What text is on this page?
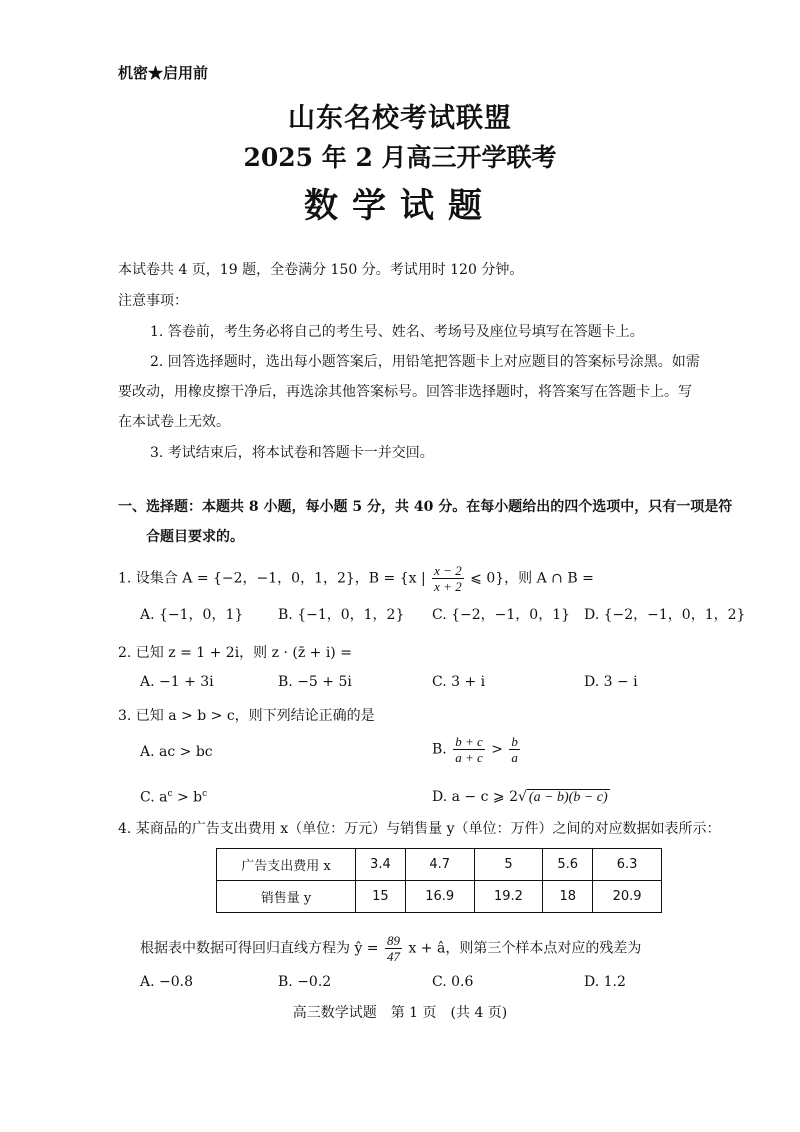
机密★启用前
山东名校考试联盟
2025 年 2 月高三开学联考
数学试题
本试卷共 4 页，19 题，全卷满分 150 分。考试用时 120 分钟。
注意事项：
1. 答卷前，考生务必将自己的考生号、姓名、考场号及座位号填写在答题卡上。
2. 回答选择题时，选出每小题答案后，用铅笔把答题卡上对应题目的答案标号涂黑。如需
要改动，用橡皮擦干净后，再选涂其他答案标号。回答非选择题时，将答案写在答题卡上。写
在本试卷上无效。
3. 考试结束后，将本试卷和答题卡一并交回。
一、选择题：本题共 8 小题，每小题 5 分，共 40 分。在每小题给出的四个选项中，只有一项是符
合题目要求的。
1. 设集合 A = {−2，−1，0，1，2}，B = {x | $\frac{x - 2}{x + 2}$ ⩽ 0}，则 A ∩ B =
A. {−1，0，1} B. {−1，0，1，2} C. {−2，−1，0，1} D. {−2，−1，0，1，2}
2. 已知 z = 1 + 2i，则 z · (z̄ + i) =
A. −1 + 3i	B. −5 + 5i	C. 3 + i	D. 3 − i
3. 已知 a > b > c，则下列结论正确的是
A. ac > bc	B. $\frac{b + c}{a + c} > \frac{b}{a}$
C. $a^c > b^c$	D. a − c ⩾ 2√ (a − b)(b − c)
4. 某商品的广告支出费用 x（单位：万元）与销售量 y（单位：万件）之间的对应数据如表所示：
广告支出费用 x	3.4	4.7	5	5.6	6.3
销售量 y	15	16.9	19.2	18	20.9
根据表中数据可得回归直线方程为 ŷ = $\frac{89}{47}$ x + â，则第三个样本点对应的残差为
A. −0.8	B. −0.2	C. 0.6	D. 1.2
高三数学试题　第 1 页　(共 4 页)
